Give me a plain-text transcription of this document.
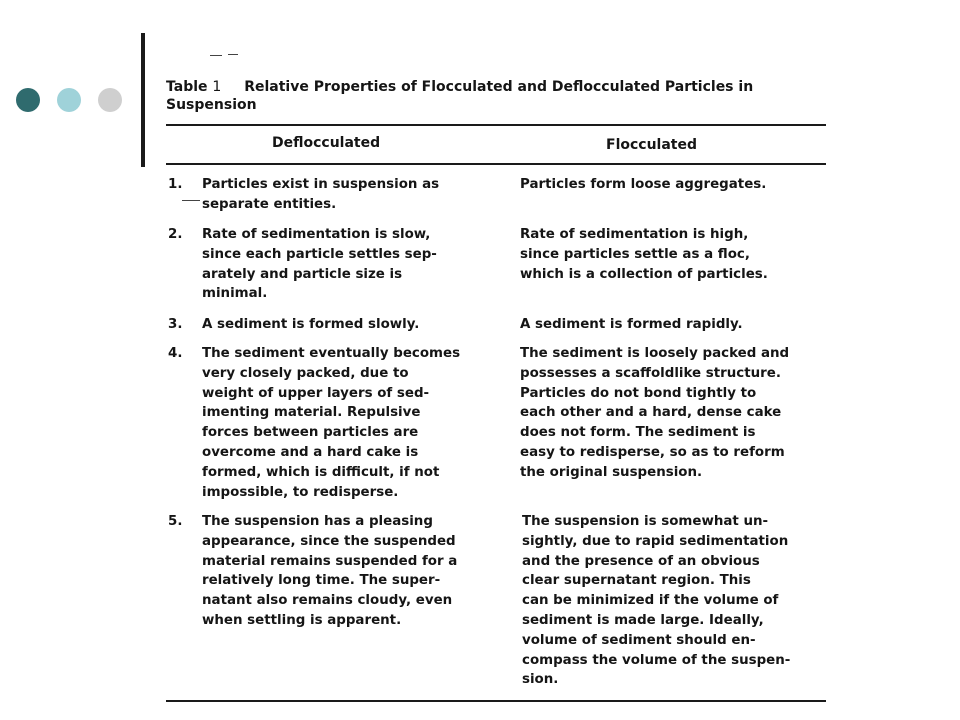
Table 1 Relative Properties of Flocculated and Deflocculated Particles in Suspension
Deflocculated	Flocculated
1. Particles exist in suspension as
separate entities.
Particles form loose aggregates.
2. Rate of sedimentation is slow,
since each particle settles sep-
arately and particle size is
minimal.
Rate of sedimentation is high,
since particles settle as a floc,
which is a collection of particles.
3. A sediment is formed slowly.	A sediment is formed rapidly.
4. The sediment eventually becomes
very closely packed, due to
weight of upper layers of sed-
imenting material. Repulsive
forces between particles are
overcome and a hard cake is
formed, which is difficult, if not
impossible, to redisperse.
The sediment is loosely packed and
possesses a scaffoldlike structure.
Particles do not bond tightly to
each other and a hard, dense cake
does not form. The sediment is
easy to redisperse, so as to reform
the original suspension.
5. The suspension has a pleasing
appearance, since the suspended
material remains suspended for a
relatively long time. The super-
natant also remains cloudy, even
when settling is apparent.
The suspension is somewhat un-
sightly, due to rapid sedimentation
and the presence of an obvious
clear supernatant region. This
can be minimized if the volume of
sediment is made large. Ideally,
volume of sediment should en-
compass the volume of the suspen-
sion.
